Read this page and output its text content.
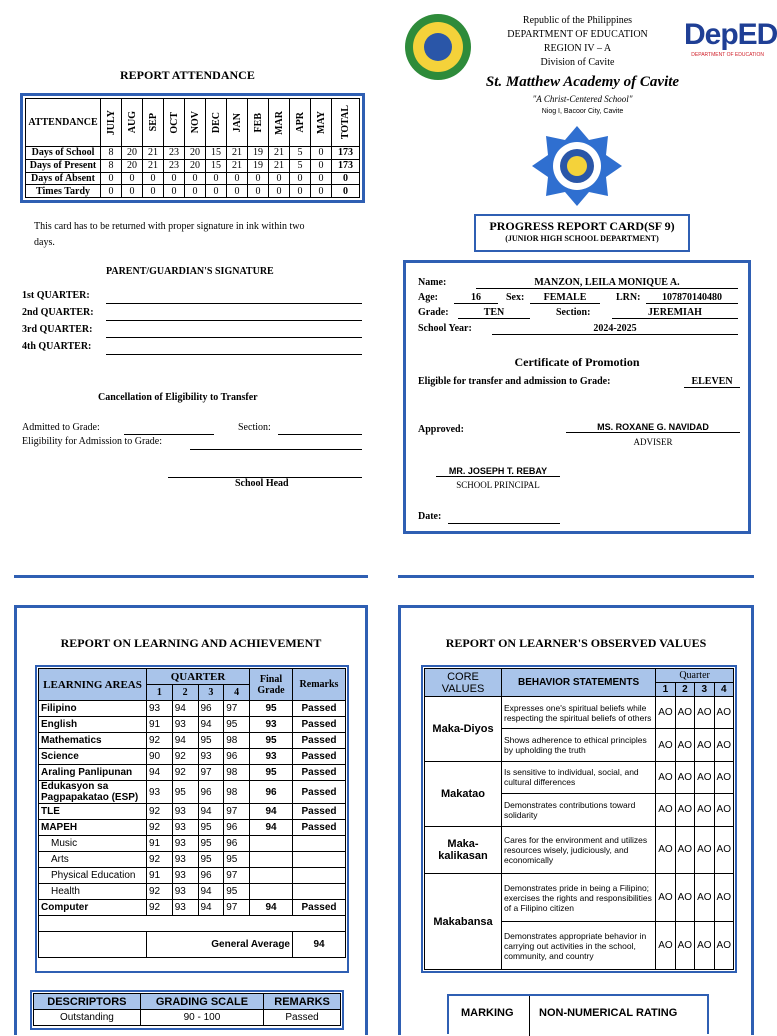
REPORT ATTENDANCE
ATTENDANCE	JULY	AUG	SEP	OCT	NOV	DEC	JAN	FEB	MAR	APR	MAY	TOTAL

Days of School	8	20	21	23	20	15	21	19	21	5	0	173
Days of Present	8	20	21	23	20	15	21	19	21	5	0	173
Days of Absent	0	0	0	0	0	0	0	0	0	0	0	0
Times Tardy	0	0	0	0	0	0	0	0	0	0	0	0
This card has to be returned with proper signature in ink within two days.
PARENT/GUARDIAN'S SIGNATURE
1st QUARTER:
2nd QUARTER:
3rd QUARTER:
4th QUARTER:
Cancellation of Eligibility to Transfer
Admitted to Grade:	Section:
Eligibility for Admission to Grade:
School Head
Republic of the Philippines
DEPARTMENT OF EDUCATION
REGION IV – A
Division of Cavite
DepED
DEPARTMENT OF EDUCATION
St. Matthew Academy of Cavite
"A Christ-Centered School"
Niog I, Bacoor City, Cavite
PROGRESS REPORT CARD(SF 9)
(JUNIOR HIGH SCHOOL DEPARTMENT)
Name:	MANZON, LEILA MONIQUE A.
Age:	16	Sex:	FEMALE	LRN:	107870140480
Grade:	TEN	Section:	JEREMIAH
School Year:	2024-2025
Certificate of Promotion
Eligible for transfer and admission to Grade:	ELEVEN
Approved:	MS. ROXANE G. NAVIDAD
ADVISER
MR. JOSEPH T. REBAY
SCHOOL PRINCIPAL
Date:
REPORT ON LEARNING AND ACHIEVEMENT
LEARNING AREAS	QUARTER				Final Grade	Remarks
	1	2	3	4		
Filipino	93	94	96	97	95	Passed
English	91	93	94	95	93	Passed
Mathematics	92	94	95	98	95	Passed
Science	90	92	93	96	93	Passed
Araling Panlipunan	94	92	97	98	95	Passed
Edukasyon sa Pagpapakatao (ESP)	93	95	96	98	96	Passed
TLE	92	93	94	97	94	Passed
MAPEH	92	93	95	96	94	Passed
Music	91	93	95	96		
Arts	92	93	95	95		
Physical Education	91	93	96	97		
Health	92	93	94	95		
Computer	92	93	94	97	94	Passed

	General Average					94
DESCRIPTORS	GRADING SCALE	REMARKS
Outstanding	90 - 100	Passed
REPORT ON LEARNER'S OBSERVED VALUES
CORE VALUES	BEHAVIOR STATEMENTS	Quarter			
		1	2	3	4
Maka-Diyos	Expresses one's spiritual beliefs while respecting the spiritual beliefs of others	AO	AO	AO	AO
	Shows adherence to ethical principles by upholding the truth	AO	AO	AO	AO
Makatao	Is sensitive to individual, social, and cultural differences	AO	AO	AO	AO
	Demonstrates contributions toward solidarity	AO	AO	AO	AO
Maka-kalikasan	Cares for the environment and utilizes resources wisely, judiciously, and economically	AO	AO	AO	AO
Makabansa	Demonstrates pride in being a Filipino; exercises the rights and responsibilities of a Filipino citizen	AO	AO	AO	AO
	Demonstrates appropriate behavior in carrying out activities in the school, community, and country	AO	AO	AO	AO
MARKING NON-NUMERICAL RATING
